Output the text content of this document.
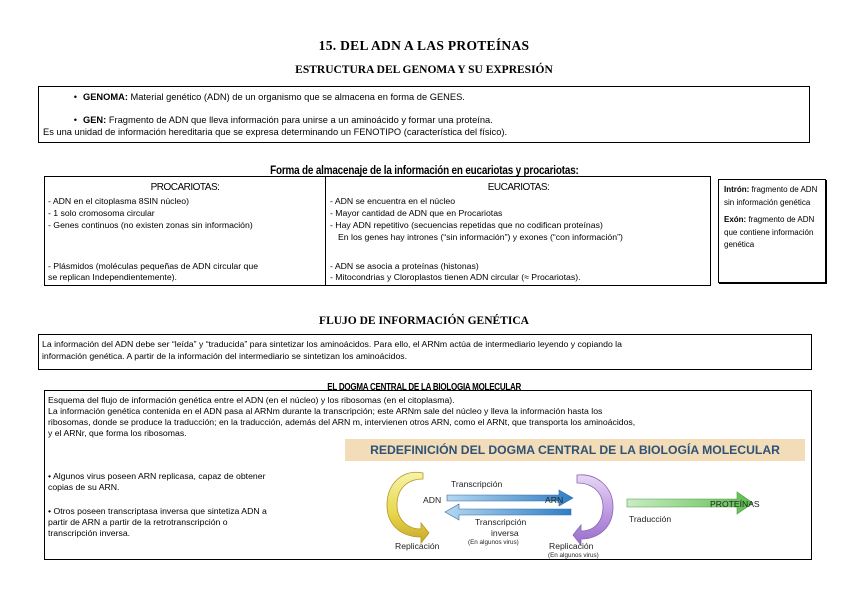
15. DEL ADN A LAS PROTEÍNAS
ESTRUCTURA DEL GENOMA Y SU EXPRESIÓN
• GENOMA: Material genético (ADN) de un organismo que se almacena en forma de GENES.
• GEN: Fragmento de ADN que lleva información para unirse a un aminoácido y formar una proteína.
Es una unidad de información hereditaria que se expresa determinando un FENOTIPO (característica del físico).
Forma de almacenaje de la información en eucariotas y procariotas:
PROCARIOTAS:	EUCARIOTAS:
- ADN en el citoplasma 8SIN núcleo)
- 1 solo cromosoma circular
- Genes continuos (no existen zonas sin información)
- Plásmidos (moléculas pequeñas de ADN circular que
se replican Independientemente).
- ADN se encuentra en el núcleo
- Mayor cantidad de ADN que en Procariotas
- Hay ADN repetitivo (secuencias repetidas que no codifican proteínas)
En los genes hay intrones (“sin información”) y exones (“con información”)
- ADN se asocia a proteínas (histonas)
- Mitocondrias y Cloroplastos tienen ADN circular (≈ Procariotas).
Intrón: fragmento de ADN sin información genética
Exón: fragmento de ADN que contiene información genética
FLUJO DE INFORMACIÓN GENÉTICA
La información del ADN debe ser “leída” y “traducida” para sintetizar los aminoácidos. Para ello, el ARNm actúa de intermediario leyendo y copiando la
información genética. A partir de la información del intermediario se sintetizan los aminoácidos.
EL DOGMA CENTRAL DE LA BIOLOGIA MOLECULAR
Esquema del flujo de información genética entre el ADN (en el núcleo) y los ribosomas (en el citoplasma).
La información genética contenida en el ADN pasa al ARNm durante la transcripción; este ARNm sale del núcleo y lleva la información hasta los
ribosomas, donde se produce la traducción; en la traducción, además del ARN m, intervienen otros ARN, como el ARNt, que transporta los aminoácidos,
y el ARNr, que forma los ribosomas.
• Algunos virus poseen ARN replicasa, capaz de obtener
copias de su ARN.
• Otros poseen transcriptasa inversa que sintetiza ADN a
partir de ARN a partir de la retrotranscripción o
transcripción inversa.
REDEFINICIÓN DEL DOGMA CENTRAL DE LA BIOLOGÍA MOLECULAR
ADN	ARN	PROTEÍNAS
Transcripción
Transcripción
inversa
(En algunos virus)
Replicación	Replicación
(En algunos virus)
Traducción
